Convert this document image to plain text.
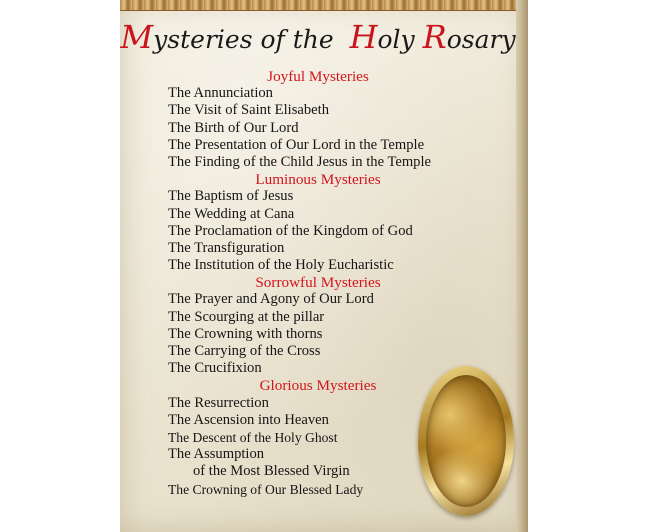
Mysteries of the Holy Rosary
Joyful Mysteries
The Annunciation
The Visit of Saint Elisabeth
The Birth of Our Lord
The Presentation of Our Lord in the Temple
The Finding of the Child Jesus in the Temple
Luminous Mysteries
The Baptism of Jesus
The Wedding at Cana
The Proclamation of the Kingdom of God
The Transfiguration
The Institution of the Holy Eucharistic
Sorrowful Mysteries
The Prayer and Agony of Our Lord
The Scourging at the pillar
The Crowning with thorns
The Carrying of the Cross
The Crucifixion
Glorious Mysteries
The Resurrection
The Ascension into Heaven
The Descent of the Holy Ghost
The Assumption
of the Most Blessed Virgin
The Crowning of Our Blessed Lady
